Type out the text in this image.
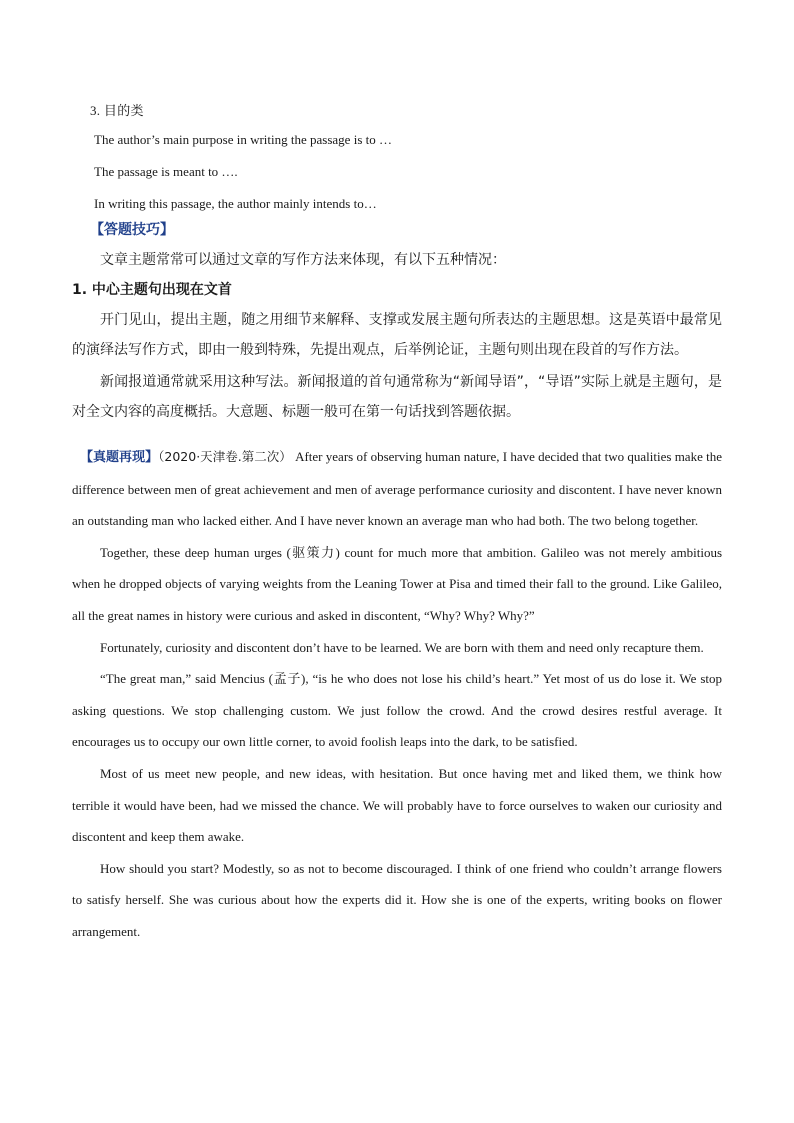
3. 目的类
The author’s main purpose in writing the passage is to …
The passage is meant to ….
In writing this passage, the author mainly intends to…
【答题技巧】
文章主题常常可以通过文章的写作方法来体现，有以下五种情况：
1. 中心主题句出现在文首

开门见山，提出主题，随之用细节来解释、支撑或发展主题句所表达的主题思想。这是英语中最常见的演绎法写作方式，即由一般到特殊，先提出观点，后举例论证，主题句则出现在段首的写作方法。

新闻报道通常就采用这种写法。新闻报道的首句通常称为“新闻导语”，“导语”实际上就是主题句，是对全文内容的高度概括。大意题、标题一般可在第一句话找到答题依据。

【真题再现】（2020·天津卷.第二次） After years of observing human nature, I have decided that two qualities make the difference between men of great achievement and men of average performance curiosity and discontent. I have never known an outstanding man who lacked either. And I have never known an average man who had both. The two belong together.

Together, these deep human urges (驱策力) count for much more that ambition. Galileo was not merely ambitious when he dropped objects of varying weights from the Leaning Tower at Pisa and timed their fall to the ground. Like Galileo, all the great names in history were curious and asked in discontent, “Why? Why? Why?”

Fortunately, curiosity and discontent don’t have to be learned. We are born with them and need only recapture them.

“The great man,” said Mencius (孟子), “is he who does not lose his child’s heart.” Yet most of us do lose it. We stop asking questions. We stop challenging custom. We just follow the crowd. And the crowd desires restful average. It encourages us to occupy our own little corner, to avoid foolish leaps into the dark, to be satisfied.

Most of us meet new people, and new ideas, with hesitation. But once having met and liked them, we think how terrible it would have been, had we missed the chance. We will probably have to force ourselves to waken our curiosity and discontent and keep them awake.

How should you start? Modestly, so as not to become discouraged. I think of one friend who couldn’t arrange flowers to satisfy herself. She was curious about how the experts did it. How she is one of the experts, writing books on flower arrangement.
